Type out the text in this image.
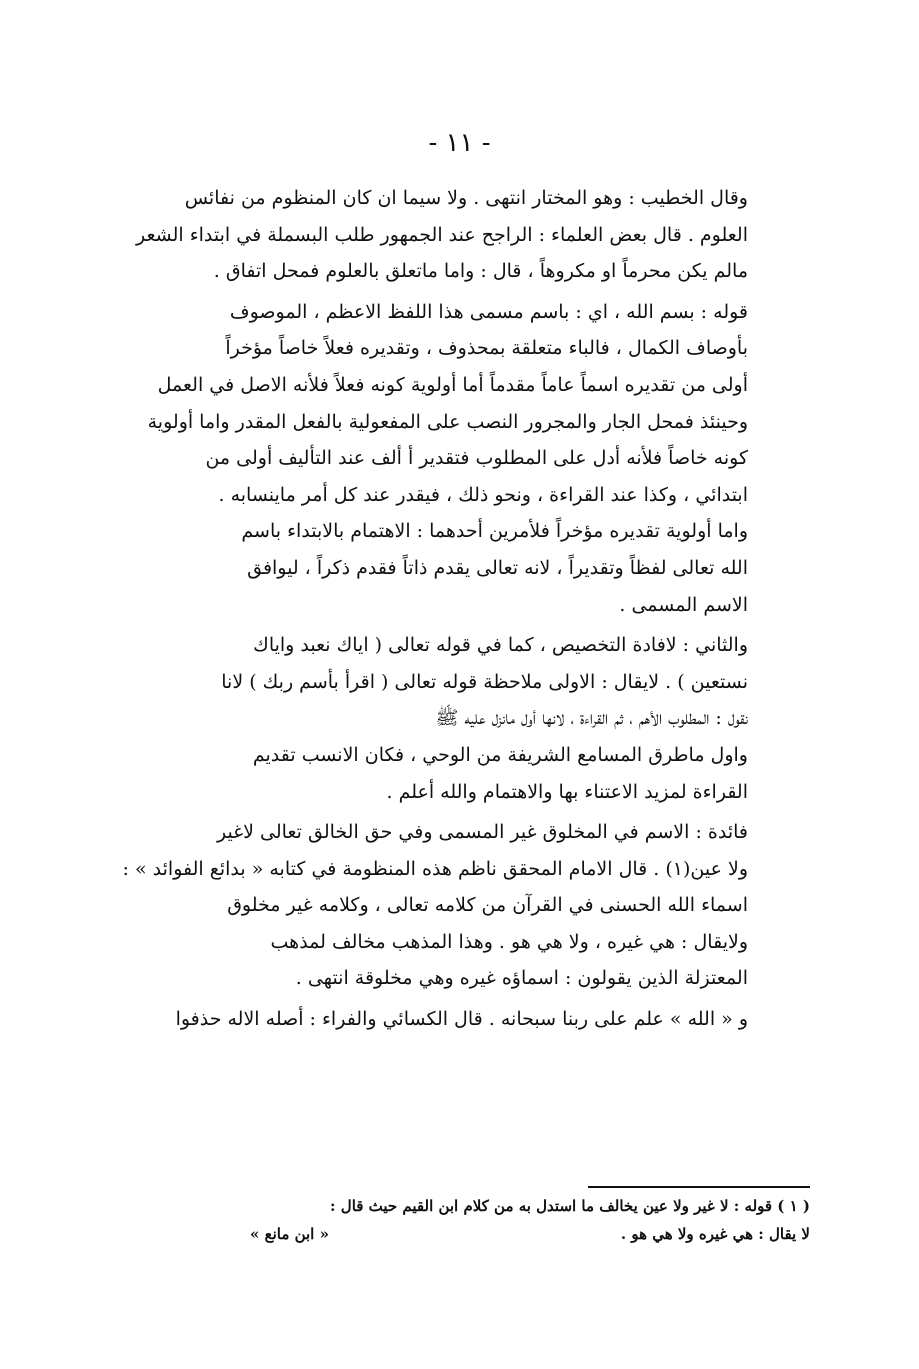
- ١١ -
وقال الخطيب : وهو المختار انتهى . ولا سيما ان كان المنظوم من نفائس
العلوم . قال بعض العلماء : الراجح عند الجمهور طلب البسملة في ابتداء الشعر
مالم يكن محرماً او مكروهاً ، قال : واما ماتعلق بالعلوم فمحل اتفاق .
قوله : بسم الله ، اي : باسم مسمى هذا اللفظ الاعظم ، الموصوف
بأوصاف الكمال ، فالباء متعلقة بمحذوف ، وتقديره فعلاً خاصاً مؤخراً
أولى من تقديره اسماً عاماً مقدماً أما أولوية كونه فعلاً فلأنه الاصل في العمل
وحينئذ فمحل الجار والمجرور النصب على المفعولية بالفعل المقدر واما أولوية
كونه خاصاً فلأنه أدل على المطلوب فتقدير أ ألف عند التأليف أولى من
ابتدائي ، وكذا عند القراءة ، ونحو ذلك ، فيقدر عند كل أمر ماينسابه .
واما أولوية تقديره مؤخراً فلأمرين أحدهما : الاهتمام بالابتداء باسم
الله تعالى لفظاً وتقديراً ، لانه تعالى يقدم ذاتاً فقدم ذكراً ، ليوافق
الاسم المسمى .
والثاني : لافادة التخصيص ، كما في قوله تعالى ( اياك نعبد واياك
نستعين ) . لايقال : الاولى ملاحظة قوله تعالى ( اقرأ بأسم ربك ) لانا
نقول : المطلوب الأهم ، ثم القراءة ، لانها أول مانزل عليه ﷺ
واول ماطرق المسامع الشريفة من الوحي ، فكان الانسب تقديم
القراءة لمزيد الاعتناء بها والاهتمام والله أعلم .
فائدة : الاسم في المخلوق غير المسمى وفي حق الخالق تعالى لاغير
ولا عين(١) . قال الامام المحقق ناظم هذه المنظومة في كتابه « بدائع الفوائد » :
اسماء الله الحسنى في القرآن من كلامه تعالى ، وكلامه غير مخلوق
ولايقال : هي غيره ، ولا هي هو . وهذا المذهب مخالف لمذهب
المعتزلة الذين يقولون : اسماؤه غيره وهي مخلوقة انتهى .
و « الله » علم على ربنا سبحانه . قال الكسائي والفراء : أصله الاله حذفوا
( ١ ) قوله : لا غير ولا عين يخالف ما استدل به من كلام ابن القيم حيث قال :
لا يقال : هي غيره ولا هي هو .
« ابن مانع »
